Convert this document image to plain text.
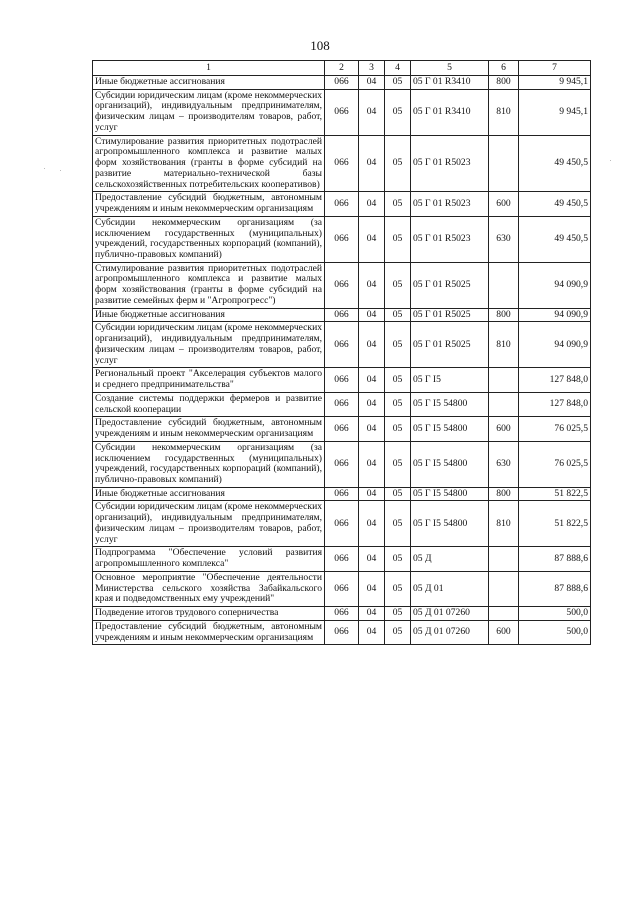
108
1	2	3	4	5	6	7
Иные бюджетные ассигнования	066	04	05	05 Г 01 R3410	800	9 945,1
Субсидии юридическим лицам (кроме некоммерческих организаций), индивидуальным предпринимателям, физическим лицам – производителям товаров, работ, услуг	066	04	05	05 Г 01 R3410	810	9 945,1
Стимулирование развития приоритетных подотраслей агропромышленного комплекса и развитие малых форм хозяйствования (гранты в форме субсидий на развитие материально-технической базы сельскохозяйственных потребительских кооперативов)	066	04	05	05 Г 01 R5023		49 450,5
Предоставление субсидий бюджетным, автономным учреждениям и иным некоммерческим организациям	066	04	05	05 Г 01 R5023	600	49 450,5
Субсидии некоммерческим организациям (за исключением государственных (муниципальных) учреждений, государственных корпораций (компаний), публично-правовых компаний)	066	04	05	05 Г 01 R5023	630	49 450,5
Стимулирование развития приоритетных подотраслей агропромышленного комплекса и развитие малых форм хозяйствования (гранты в форме субсидий на развитие семейных ферм и "Агропрогресс")	066	04	05	05 Г 01 R5025		94 090,9
Иные бюджетные ассигнования	066	04	05	05 Г 01 R5025	800	94 090,9
Субсидии юридическим лицам (кроме некоммерческих организаций), индивидуальным предпринимателям, физическим лицам – производителям товаров, работ, услуг	066	04	05	05 Г 01 R5025	810	94 090,9
Региональный проект "Акселерация субъектов малого и среднего предпринимательства"	066	04	05	05 Г I5		127 848,0
Создание системы поддержки фермеров и развитие сельской кооперации	066	04	05	05 Г I5 54800		127 848,0
Предоставление субсидий бюджетным, автономным учреждениям и иным некоммерческим организациям	066	04	05	05 Г I5 54800	600	76 025,5
Субсидии некоммерческим организациям (за исключением государственных (муниципальных) учреждений, государственных корпораций (компаний), публично-правовых компаний)	066	04	05	05 Г I5 54800	630	76 025,5
Иные бюджетные ассигнования	066	04	05	05 Г I5 54800	800	51 822,5
Субсидии юридическим лицам (кроме некоммерческих организаций), индивидуальным предпринимателям, физическим лицам – производителям товаров, работ, услуг	066	04	05	05 Г I5 54800	810	51 822,5
Подпрограмма "Обеспечение условий развития агропромышленного комплекса"	066	04	05	05 Д		87 888,6
Основное мероприятие "Обеспечение деятельности Министерства сельского хозяйства Забайкальского края и подведомственных ему учреждений"	066	04	05	05 Д 01		87 888,6
Подведение итогов трудового соперничества	066	04	05	05 Д 01 07260		500,0
Предоставление субсидий бюджетным, автономным учреждениям и иным некоммерческим организациям	066	04	05	05 Д 01 07260	600	500,0
